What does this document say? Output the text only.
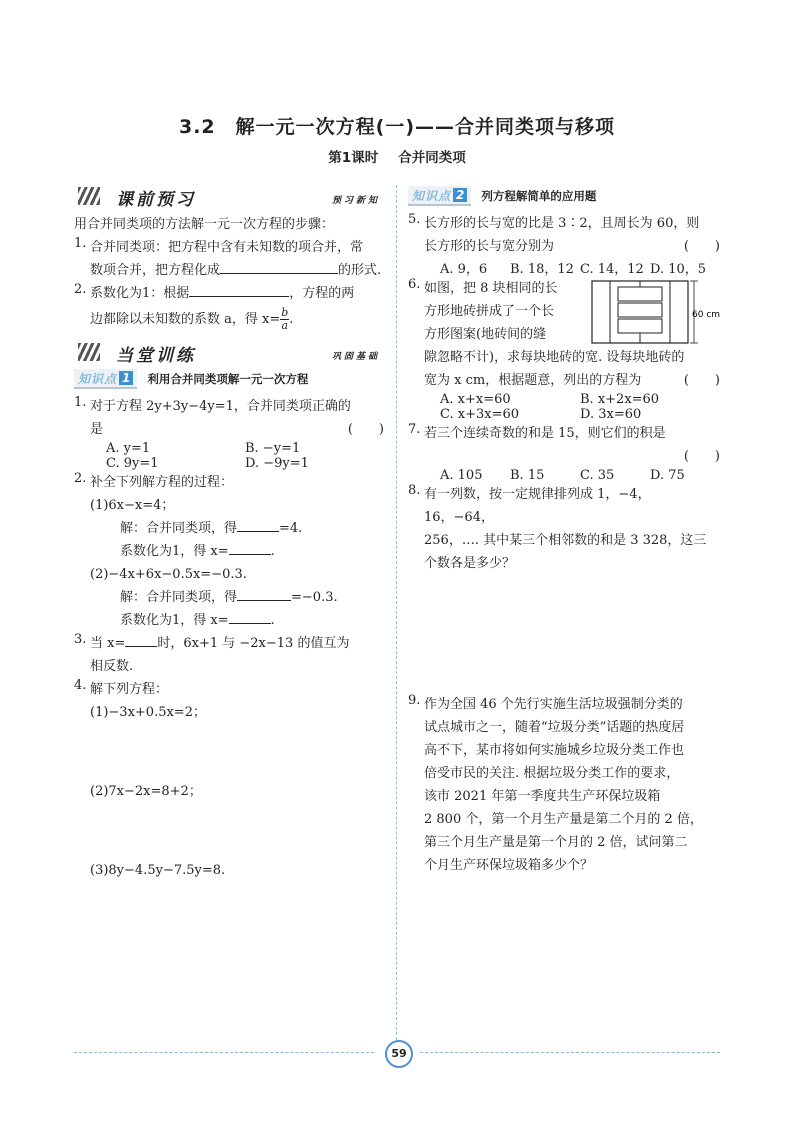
3.2　解一元一次方程(一)——合并同类项与移项
第1课时 合并同类项
课前预习	预习新知

用合并同类项的方法解一元一次方程的步骤：

1. 合并同类项：把方程中含有未知数的项合并，常

数项合并，把方程化成	的形式.

2. 系数化为1：根据	，方程的两

边都除以未知数的系数 a，得 $x= \frac{b}{a}$ .

当堂训练	巩固基础
知识点 1 利用合并同类项解一元一次方程
1. 对于方程 2y+3y−4y=1，合并同类项正确的

是	(　　)

A. y=1	B. −y=1
C. 9y=1	D. −9y=1
2. 补全下列解方程的过程：

(1)6x−x=4；

解：合并同类项，得	=4.

系数化为1，得 x=	.

(2)−4x+6x−0.5x=−0.3.

解：合并同类项，得	=−0.3.

系数化为1，得 x=	.

3. 当 x= 时，6x+1 与 −2x−13 的值互为

相反数.

4. 解下列方程：

(1)−3x+0.5x=2；

(2)7x−2x=8+2；

(3)8y−4.5y−7.5y=8.

知识点 2 列方程解简单的应用题
5. 长方形的长与宽的比是 3∶2，且周长为 60，则

长方形的长与宽分别为	(　　)

A. 9，6	B. 18，12 C. 14，12 D. 10，5
6. 如图，把 8 块相同的长

方形地砖拼成了一个长

方形图案(地砖间的缝

隙忽略不计)，求每块地砖的宽. 设每块地砖的

宽为 x cm，根据题意，列出的方程为	(　　)

A. x+x=60	B. x+2x=60
C. x+3x=60	D. 3x=60
60 cm
7. 若三个连续奇数的和是 15，则它们的积是

(　　)

A. 105	B. 15	C. 35	D. 75
8. 有一列数，按一定规律排列成 1，−4，16，−64，

256，…. 其中某三个相邻数的和是 3 328，这三

个数各是多少？

9. 作为全国 46 个先行实施生活垃圾强制分类的

试点城市之一，随着“垃圾分类”话题的热度居

高不下，某市将如何实施城乡垃圾分类工作也

倍受市民的关注. 根据垃圾分类工作的要求，

该市 2021 年第一季度共生产环保垃圾箱

2 800 个，第一个月生产量是第二个月的 2 倍，

第三个月生产量是第一个月的 2 倍，试问第二

个月生产环保垃圾箱多少个？

59
